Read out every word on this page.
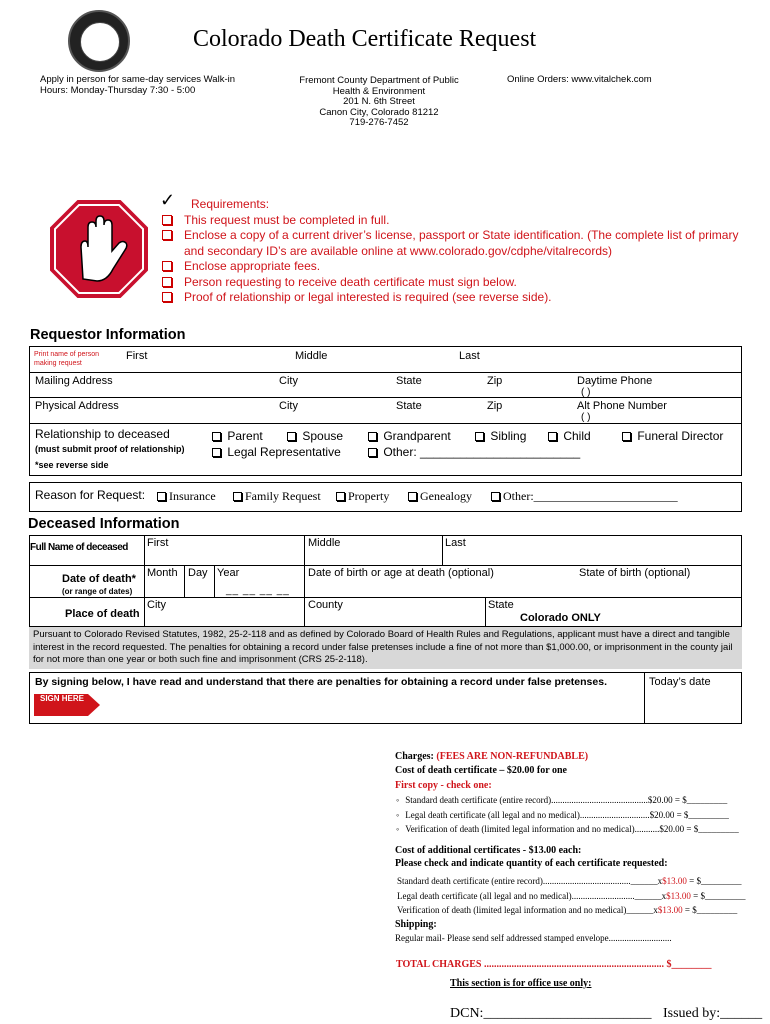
Colorado Death Certificate Request
Apply in person for same-day services Walk-in Hours: Monday-Thursday 7:30 - 5:00
Fremont County Department of Public
Health & Environment
201 N. 6th Street
Canon City, Colorado 81212
719-276-7452
Online Orders: www.vitalchek.com
✓	Requirements:
This request must be completed in full.
Enclose a copy of a current driver’s license, passport or State identification. (The complete list of primary
and secondary ID’s are available online at www.colorado.gov/cdphe/vitalrecords)
Enclose appropriate fees.
Person requesting to receive death certificate must sign below.
Proof of relationship or legal interested is required (see reverse side).
Requestor Information
Print name of person making request
First	Middle	Last
Mailing Address	City	State	Zip	Daytime Phone
( )
Physical Address	City	State	Zip	Alt Phone Number
( )
Relationship to deceased
(must submit proof of relationship)
*see reverse side
Parent	Spouse	Grandparent	Sibling	Child	Funeral Director
Legal Representative	Other: ________________________
Reason for Request:	Insurance	Family Request	Property	Genealogy	Other:________________________
Deceased Information
Full Name of deceased First	Middle	Last
Date of death*
(or range of dates)
Month Day Year
__ __ __ __
Date of birth or age at death (optional)	State of birth (optional)
Place of death
City	County	State
Colorado ONLY
Pursuant to Colorado Revised Statutes, 1982, 25-2-118 and as defined by Colorado Board of Health Rules and Regulations, applicant must have a direct and tangible interest in the record requested. The penalties for obtaining a record under false pretenses include a fine of not more than $1,000.00, or imprisonment in the county jail for not more than one year or both such fine and imprisonment (CRS 25-2-118).
By signing below, I have read and understand that there are penalties for obtaining a record under false pretenses.	Today’s date
SIGN HERE
Charges: (FEES ARE NON-REFUNDABLE)
Cost of death certificate – $20.00 for one
First copy - check one:
◦ Standard death certificate (entire record)...........................................$20.00 = $_________
◦ Legal death certificate (all legal and no medical)...............................$20.00 = $_________
◦ Verification of death (limited legal information and no medical)...........$20.00 = $_________
Cost of additional certificates - $13.00 each:
Please check and indicate quantity of each certificate requested:
Standard death certificate (entire record).......................................______x$13.00 = $_________
Legal death certificate (all legal and no medical)............................______x$13.00 = $_________
Verification of death (limited legal information and no medical)______x$13.00 = $_________
Shipping:
Regular mail- Please send self addressed stamped envelope............................
TOTAL CHARGES ........................................................................ $________
This section is for office use only:
DCN:________________________ Issued by:______
